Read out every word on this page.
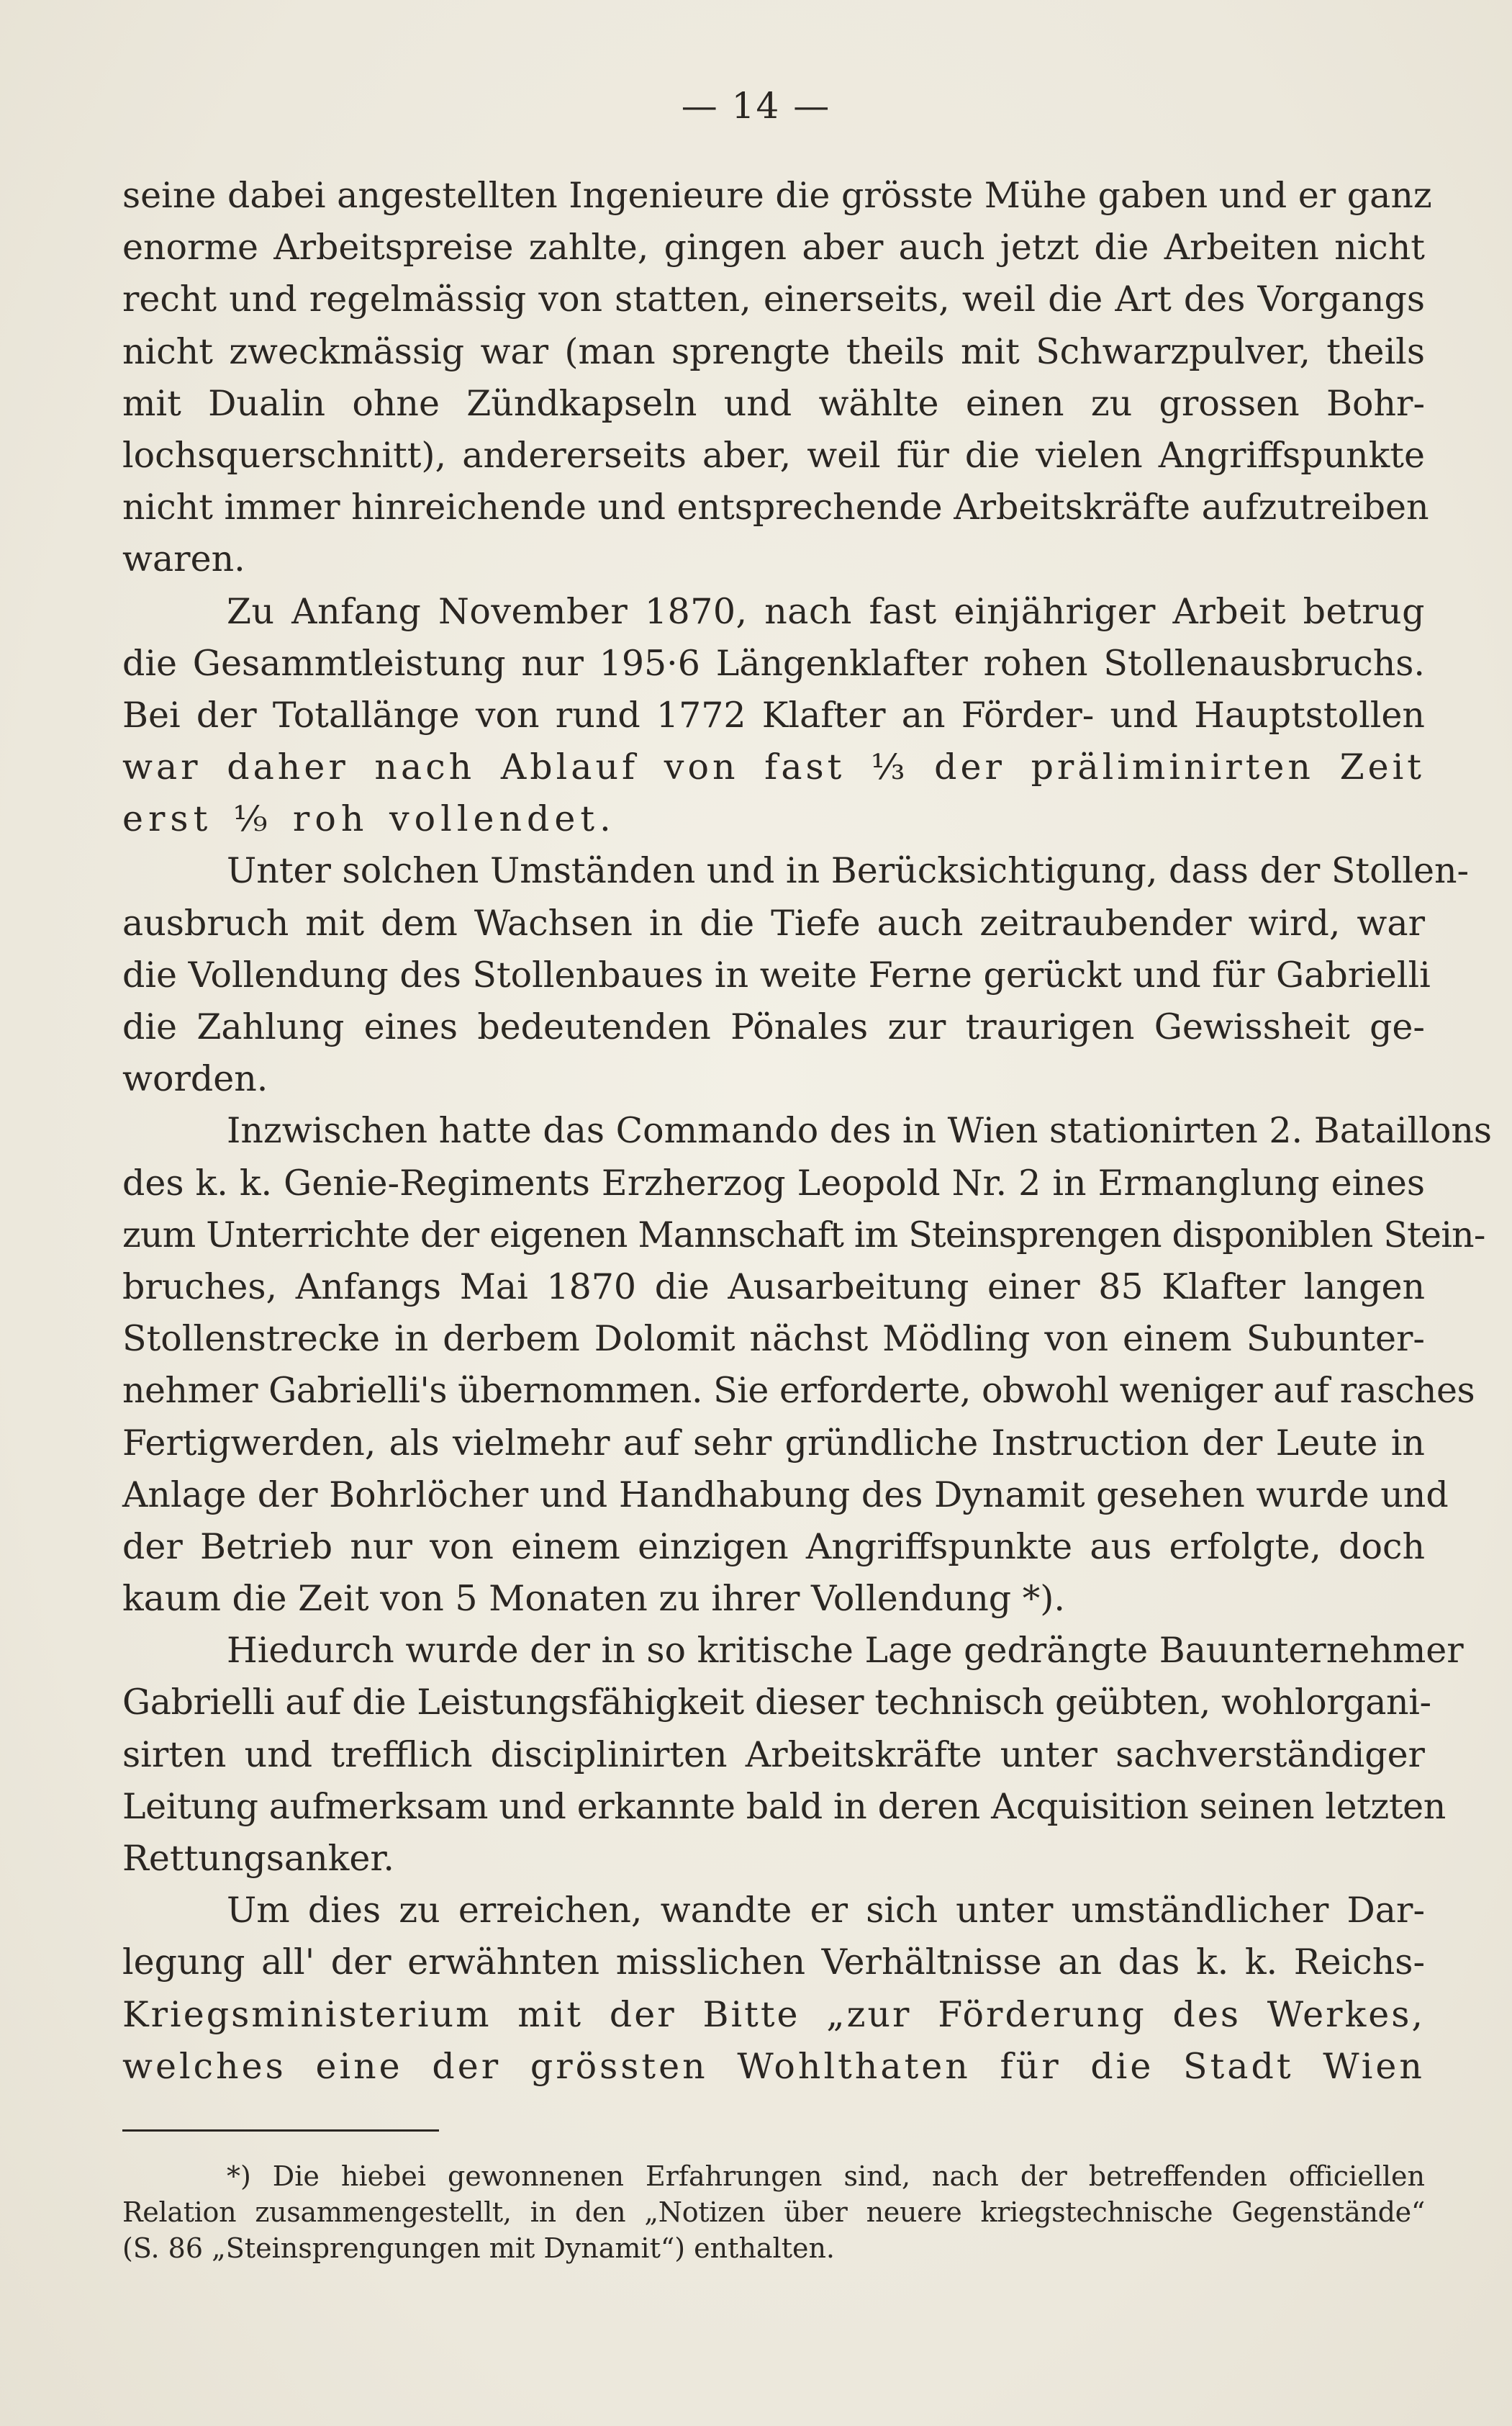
— 14 —
seine dabei angestellten Ingenieure die grösste Mühe gaben und er ganz
enorme Arbeitspreise zahlte, gingen aber auch jetzt die Arbeiten nicht
recht und regelmässig von statten, einerseits, weil die Art des Vorgangs
nicht zweckmässig war (man sprengte theils mit Schwarzpulver, theils
mit Dualin ohne Zündkapseln und wählte einen zu grossen Bohr-
lochsquerschnitt), andererseits aber, weil für die vielen Angriffspunkte
nicht immer hinreichende und entsprechende Arbeitskräfte aufzutreiben
waren.
Zu Anfang November 1870, nach fast einjähriger Arbeit betrug
die Gesammtleistung nur 195·6 Längenklafter rohen Stollenausbruchs.
Bei der Totallänge von rund 1772 Klafter an Förder- und Hauptstollen
war daher nach Ablauf von fast ⅓ der präliminirten Zeit
erst ⅑ roh vollendet.
Unter solchen Umständen und in Berücksichtigung, dass der Stollen-
ausbruch mit dem Wachsen in die Tiefe auch zeitraubender wird, war
die Vollendung des Stollenbaues in weite Ferne gerückt und für Gabrielli
die Zahlung eines bedeutenden Pönales zur traurigen Gewissheit ge-
worden.
Inzwischen hatte das Commando des in Wien stationirten 2. Bataillons
des k. k. Genie-Regiments Erzherzog Leopold Nr. 2 in Ermanglung eines
zum Unterrichte der eigenen Mannschaft im Steinsprengen disponiblen Stein-
bruches, Anfangs Mai 1870 die Ausarbeitung einer 85 Klafter langen
Stollenstrecke in derbem Dolomit nächst Mödling von einem Subunter-
nehmer Gabrielli's übernommen. Sie erforderte, obwohl weniger auf rasches
Fertigwerden, als vielmehr auf sehr gründliche Instruction der Leute in
Anlage der Bohrlöcher und Handhabung des Dynamit gesehen wurde und
der Betrieb nur von einem einzigen Angriffspunkte aus erfolgte, doch
kaum die Zeit von 5 Monaten zu ihrer Vollendung *).
Hiedurch wurde der in so kritische Lage gedrängte Bauunternehmer
Gabrielli auf die Leistungsfähigkeit dieser technisch geübten, wohlorgani-
sirten und trefflich disciplinirten Arbeitskräfte unter sachverständiger
Leitung aufmerksam und erkannte bald in deren Acquisition seinen letzten
Rettungsanker.
Um dies zu erreichen, wandte er sich unter umständlicher Dar-
legung all' der erwähnten misslichen Verhältnisse an das k. k. Reichs-
Kriegsministerium mit der Bitte „zur Förderung des Werkes,
welches eine der grössten Wohlthaten für die Stadt Wien
*) Die hiebei gewonnenen Erfahrungen sind, nach der betreffenden officiellen
Relation zusammengestellt, in den „Notizen über neuere kriegstechnische Gegenstände“
(S. 86 „Steinsprengungen mit Dynamit“) enthalten.
